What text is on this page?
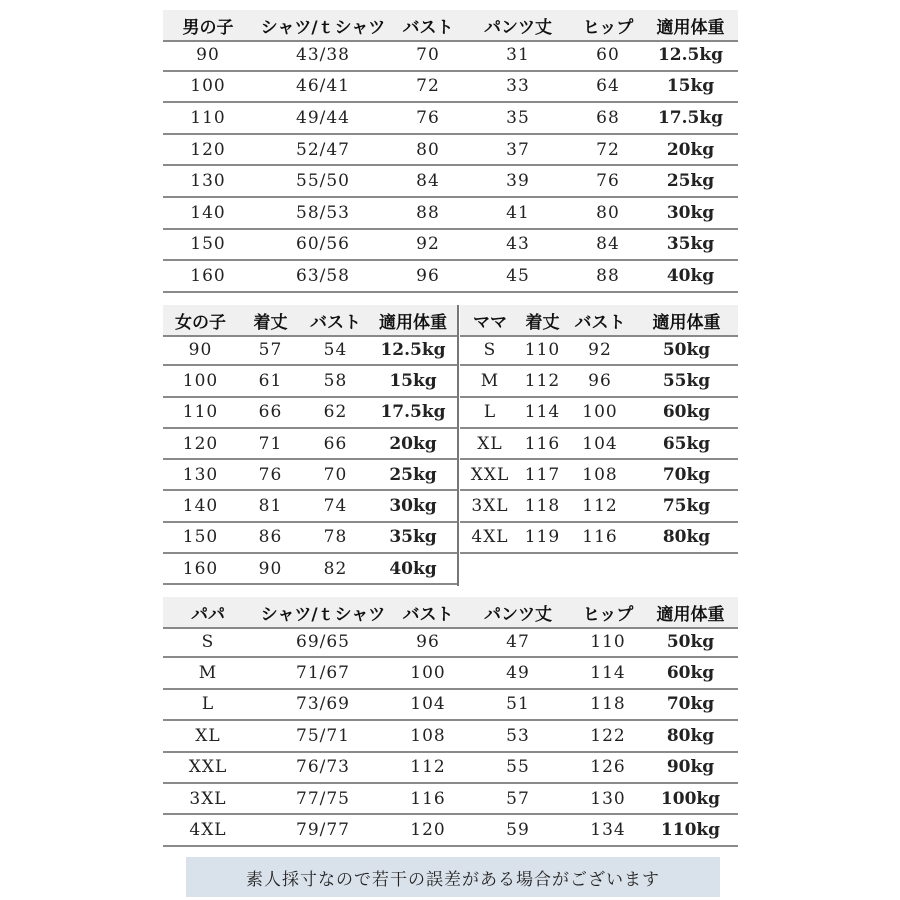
男の子	シャツ/ｔシャツ	バスト	パンツ丈	ヒップ	適用体重
90	43/38	70	31	60	12.5kg
100	46/41	72	33	64	15kg
110	49/44	76	35	68	17.5kg
120	52/47	80	37	72	20kg
130	55/50	84	39	76	25kg
140	58/53	88	41	80	30kg
150	60/56	92	43	84	35kg
160	63/58	96	45	88	40kg
女の子	着丈	バスト	適用体重
90	57	54	12.5kg
100	61	58	15kg
110	66	62	17.5kg
120	71	66	20kg
130	76	70	25kg
140	81	74	30kg
150	86	78	35kg
160	90	82	40kg
ママ	着丈 バスト	適用体重
S	110	92	50kg
M	112	96	55kg
L	114	100	60kg
XL	116	104	65kg
XXL 117	108	70kg
3XL 118	112	75kg
4XL 119	116	80kg
パパ	シャツ/ｔシャツ	バスト	パンツ丈	ヒップ	適用体重
S	69/65	96	47	110	50kg
M	71/67	100	49	114	60kg
L	73/69	104	51	118	70kg
XL	75/71	108	53	122	80kg
XXL	76/73	112	55	126	90kg
3XL	77/75	116	57	130	100kg
4XL	79/77	120	59	134	110kg
素人採寸なので若干の誤差がある場合がございます
